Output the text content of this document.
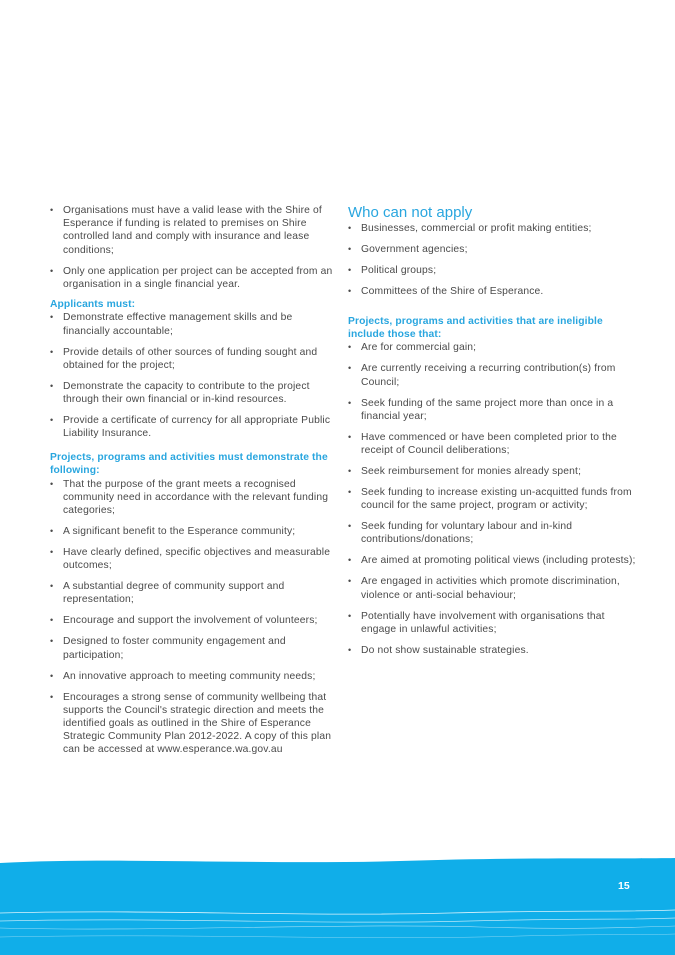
• Organisations must have a valid lease with the Shire of Esperance if funding is related to premises on Shire controlled land and comply with insurance and lease conditions;
• Only one application per project can be accepted from an organisation in a single financial year.

Applicants must:

• Demonstrate effective management skills and be financially accountable;
• Provide details of other sources of funding sought and obtained for the project;
• Demonstrate the capacity to contribute to the project through their own financial or in-kind resources.
• Provide a certificate of currency for all appropriate Public Liability Insurance.

Projects, programs and activities must demonstrate the following:

• That the purpose of the grant meets a recognised community need in accordance with the relevant funding categories;
• A significant benefit to the Esperance community;
• Have clearly defined, specific objectives and measurable outcomes;
• A substantial degree of community support and representation;
• Encourage and support the involvement of volunteers;
• Designed to foster community engagement and participation;
• An innovative approach to meeting community needs;
• Encourages a strong sense of community wellbeing that supports the Council's strategic direction and meets the identified goals as outlined in the Shire of Esperance Strategic Community Plan 2012-2022. A copy of this plan can be accessed at www.esperance.wa.gov.au

Who can not apply

• Businesses, commercial or profit making entities;
• Government agencies;
• Political groups;
• Committees of the Shire of Esperance.

Projects, programs and activities that are ineligible include those that:

• Are for commercial gain;
• Are currently receiving a recurring contribution(s) from Council;
• Seek funding of the same project more than once in a financial year;
• Have commenced or have been completed prior to the receipt of Council deliberations;
• Seek reimbursement for monies already spent;
• Seek funding to increase existing un-acquitted funds from council for the same project, program or activity;
• Seek funding for voluntary labour and in-kind contributions/donations;
• Are aimed at promoting political views (including protests);
• Are engaged in activities which promote discrimination, violence or anti-social behaviour;
• Potentially have involvement with organisations that engage in unlawful activities;
• Do not show sustainable strategies.
15
